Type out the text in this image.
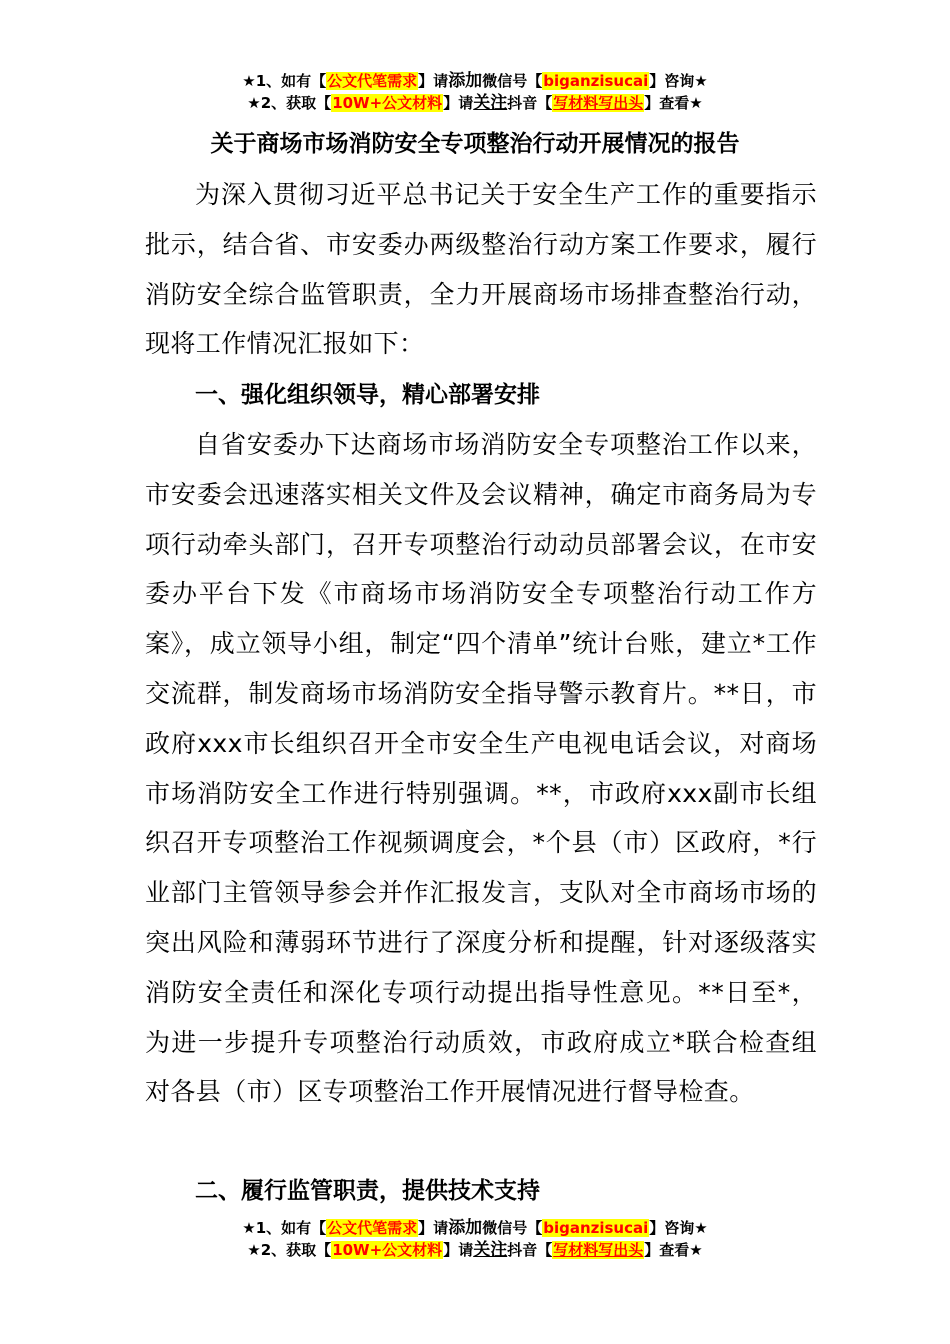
★1、如有【公文代笔需求】请添加微信号【biganzisucai】咨询★
★2、获取【10W+公文材料】请关注抖音【写材料写出头】查看★
关于商场市场消防安全专项整治行动开展情况的报告

为深入贯彻习近平总书记关于安全生产工作的重要指示批示，结合省、市安委办两级整治行动方案工作要求，履行消防安全综合监管职责，全力开展商场市场排查整治行动，现将工作情况汇报如下：

一、强化组织领导，精心部署安排

自省安委办下达商场市场消防安全专项整治工作以来，市安委会迅速落实相关文件及会议精神，确定市商务局为专项行动牵头部门，召开专项整治行动动员部署会议，在市安委办平台下发《市商场市场消防安全专项整治行动工作方案》，成立领导小组，制定“四个清单”统计台账，建立*工作交流群，制发商场市场消防安全指导警示教育片。**日，市政府xxx市长组织召开全市安全生产电视电话会议，对商场市场消防安全工作进行特别强调。**，市政府xxx副市长组织召开专项整治工作视频调度会，*个县（市）区政府，*行业部门主管领导参会并作汇报发言，支队对全市商场市场的突出风险和薄弱环节进行了深度分析和提醒，针对逐级落实消防安全责任和深化专项行动提出指导性意见。**日至*，为进一步提升专项整治行动质效，市政府成立*联合检查组对各县（市）区专项整治工作开展情况进行督导检查。

二、履行监管职责，提供技术支持
★1、如有【公文代笔需求】请添加微信号【biganzisucai】咨询★
★2、获取【10W+公文材料】请关注抖音【写材料写出头】查看★
